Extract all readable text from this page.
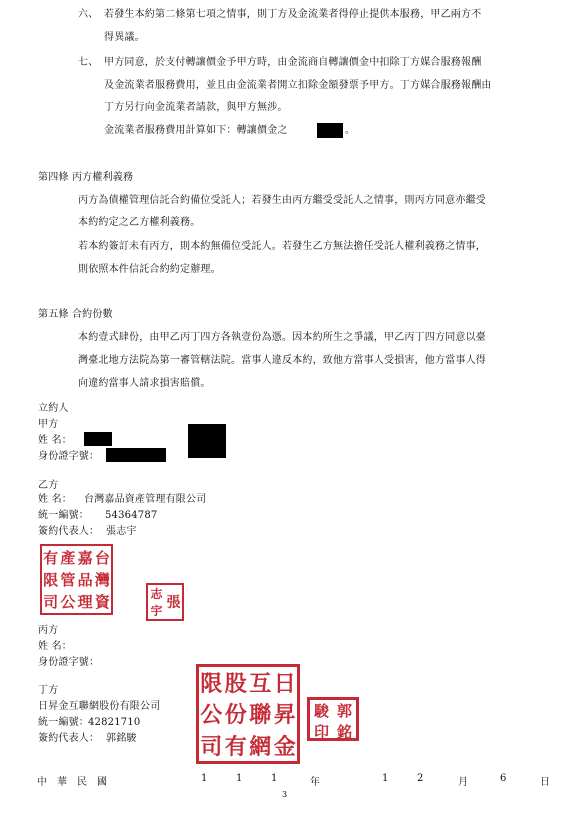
六、 若發生本約第二條第七項之情事，則丁方及金流業者得停止提供本服務，甲乙兩方不
得異議。
七、 甲方同意，於支付轉讓價金予甲方時，由金流商自轉讓價金中扣除丁方媒合服務報酬
及金流業者服務費用，並且由金流業者開立扣除金額發票予甲方。丁方媒合服務報酬由
丁方另行向金流業者請款，與甲方無涉。
金流業者服務費用計算如下：轉讓價金之	。
第四條 丙方權利義務
丙方為債權管理信託合約備位受託人；若發生由丙方繼受受託人之情事，則丙方同意亦繼受
本約約定之乙方權利義務。
若本約簽訂未有丙方，則本約無備位受託人。若發生乙方無法擔任受託人權利義務之情事，
則依照本件信託合約約定辦理。
第五條 合約份數
本約壹式肆份，由甲乙丙丁四方各執壹份為憑。因本約所生之爭議，甲乙丙丁四方同意以臺
灣臺北地方法院為第一審管轄法院。當事人違反本約，致他方當事人受損害，他方當事人得
向違約當事人請求損害賠償。
立約人
甲方
姓 名：
身份證字號：
乙方
姓 名： 台灣嘉品資產管理有限公司
統一編號： 54364787
簽約代表人： 張志宇
台
灣
資
嘉
品
理
產
管
公
有
限
司	張
志
宇
丙方
姓 名：
身份證字號：
丁方
日昇金互聯網股份有限公司
統一編號： 42821710
簽約代表人： 郭銘駿
日
昇
金
互
聯
網
股
份
有
限
公
司
郭
銘
駿
印
中 華 民 國	1	1	1	年	1	2	月	6	日
3
